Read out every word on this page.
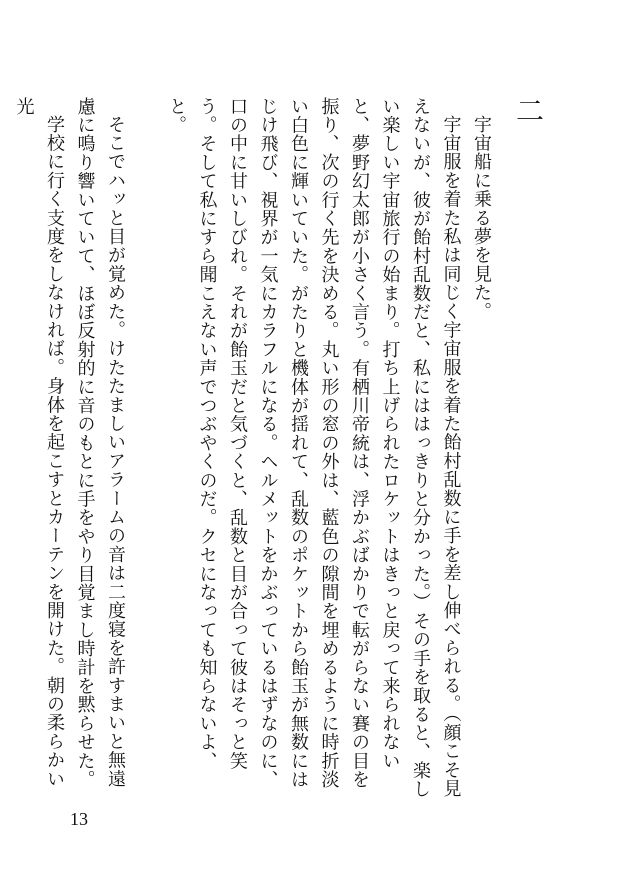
二

宇宙船に乗る夢を見た。

宇宙服を着た私は同じく宇宙服を着た飴村乱数に手を差し伸べられる。（顔こそ見えないが、彼が飴村乱数だと、私にははっきりと分かった。）その手を取ると、楽しい楽しい宇宙旅行の始まり。打ち上げられたロケットはきっと戻って来られないと、夢野幻太郎が小さく言う。有栖川帝統は、浮かぶばかりで転がらない賽の目を振り、次の行く先を決める。丸い形の窓の外は、藍色の隙間を埋めるように時折淡い白色に輝いていた。がたりと機体が揺れて、乱数のポケットから飴玉が無数にはじけ飛び、視界が一気にカラフルになる。ヘルメットをかぶっているはずなのに、口の中に甘いしびれ。それが飴玉だと気づくと、乱数と目が合って彼はそっと笑う。そして私にすら聞こえない声でつぶやくのだ。クセになっても知らないよ、と。

そこでハッと目が覚めた。けたたましいアラームの音は二度寝を許すまいと無遠慮に鳴り響いていて、ほぼ反射的に音のもとに手をやり目覚まし時計を黙らせた。

学校に行く支度をしなければ。身体を起こすとカーテンを開けた。朝の柔らかい光

13
